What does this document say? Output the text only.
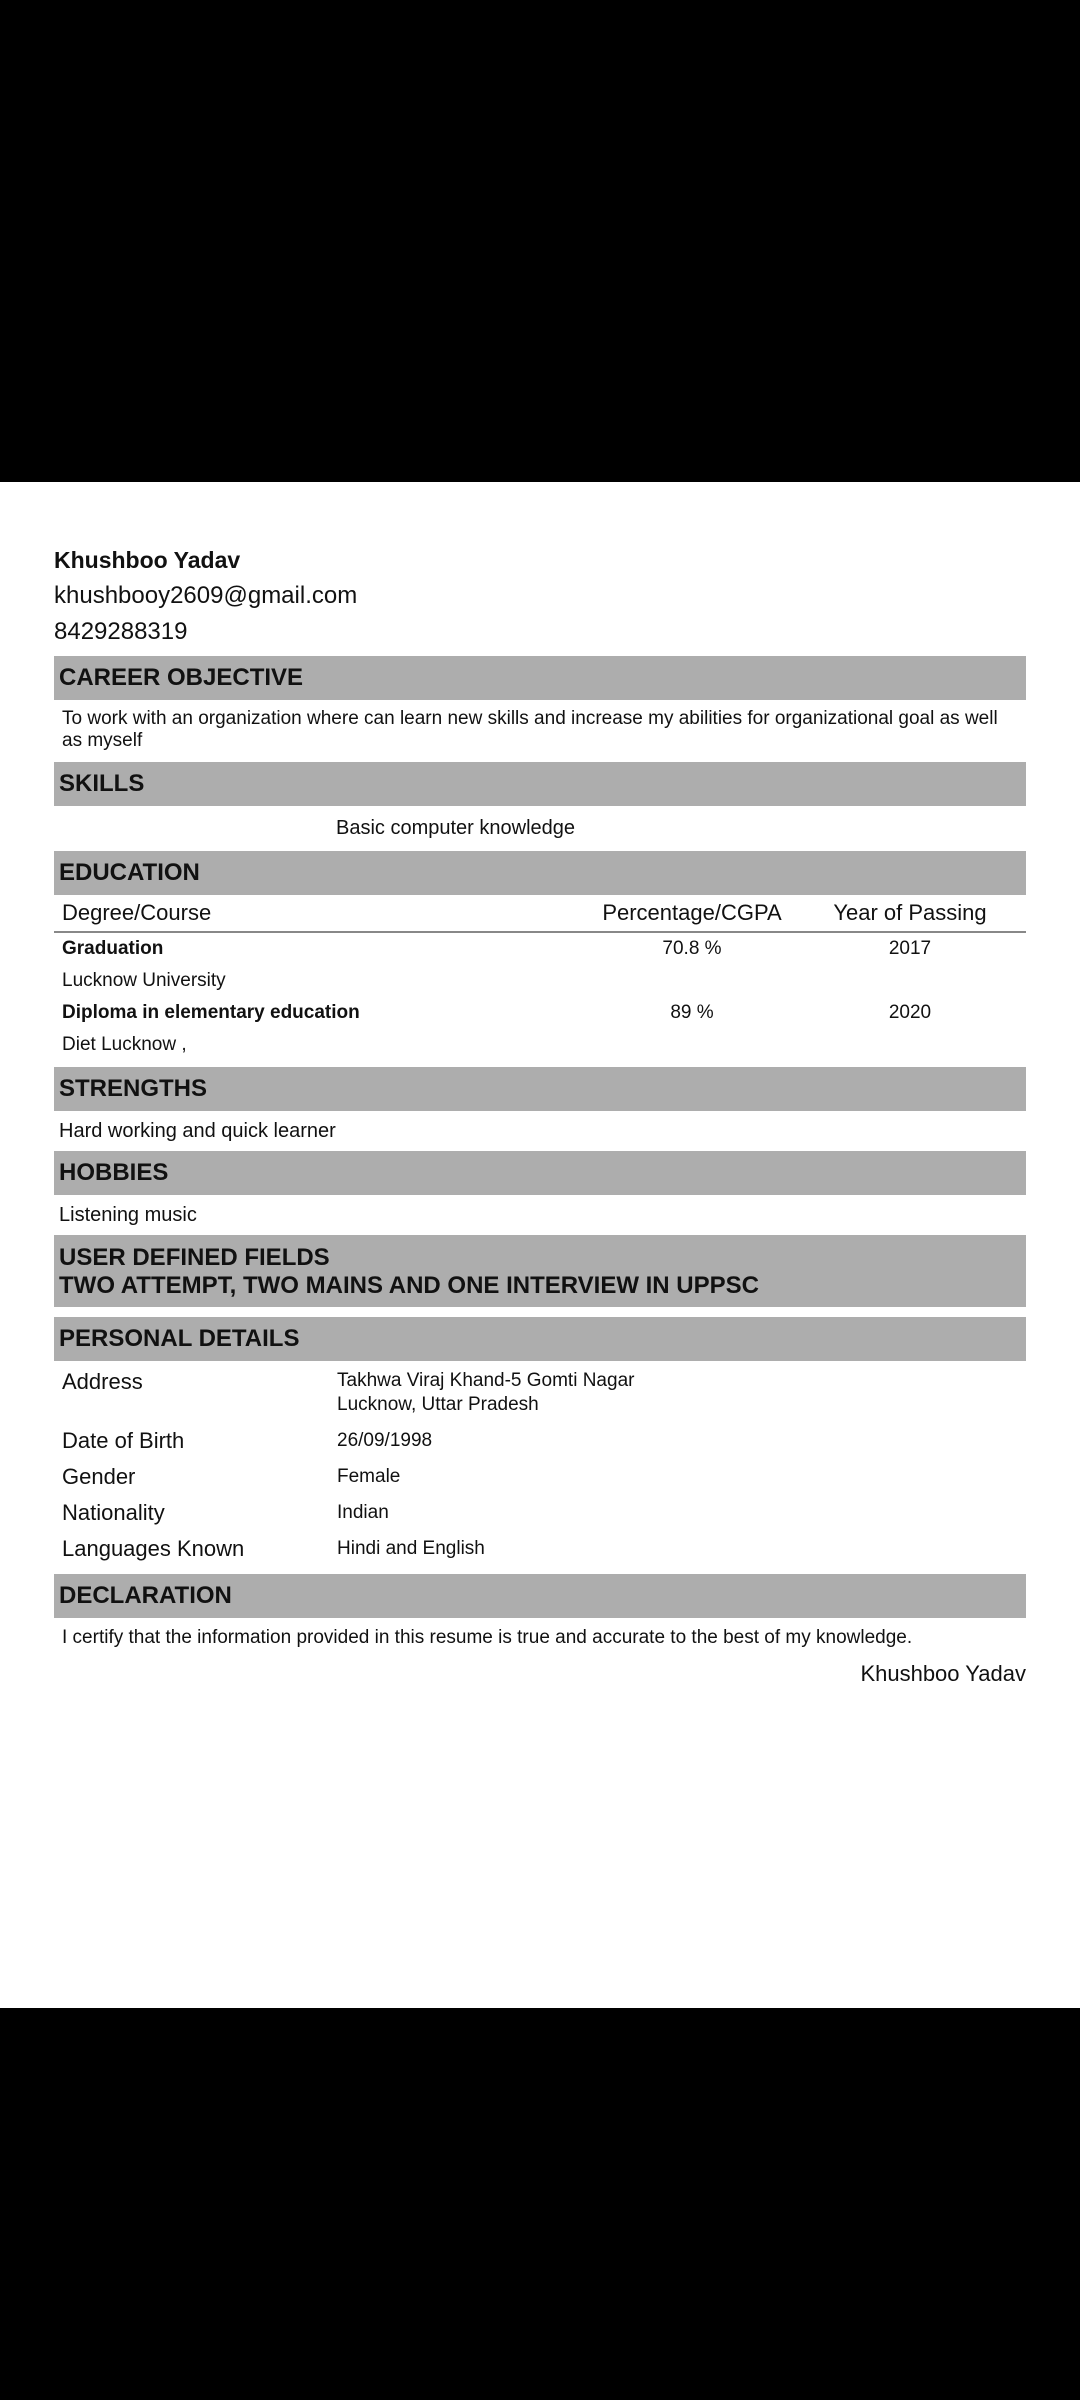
Khushboo Yadav
khushbooy2609@gmail.com
8429288319
CAREER OBJECTIVE
To work with an organization where can learn new skills and increase my abilities for organizational goal as well as myself
SKILLS
Basic computer knowledge
EDUCATION
Degree/Course	Percentage/CGPA	Year of Passing
Graduation	70.8 %	2017
Lucknow University
Diploma in elementary education	89 %	2020
Diet Lucknow ,
STRENGTHS
Hard working and quick learner
HOBBIES
Listening music
USER DEFINED FIELDS
TWO ATTEMPT, TWO MAINS AND ONE INTERVIEW IN UPPSC
PERSONAL DETAILS
Address	Takhwa Viraj Khand-5 Gomti Nagar
Lucknow, Uttar Pradesh
Date of Birth	26/09/1998
Gender	Female
Nationality	Indian
Languages Known	Hindi and English
DECLARATION
I certify that the information provided in this resume is true and accurate to the best of my knowledge.
Khushboo Yadav
